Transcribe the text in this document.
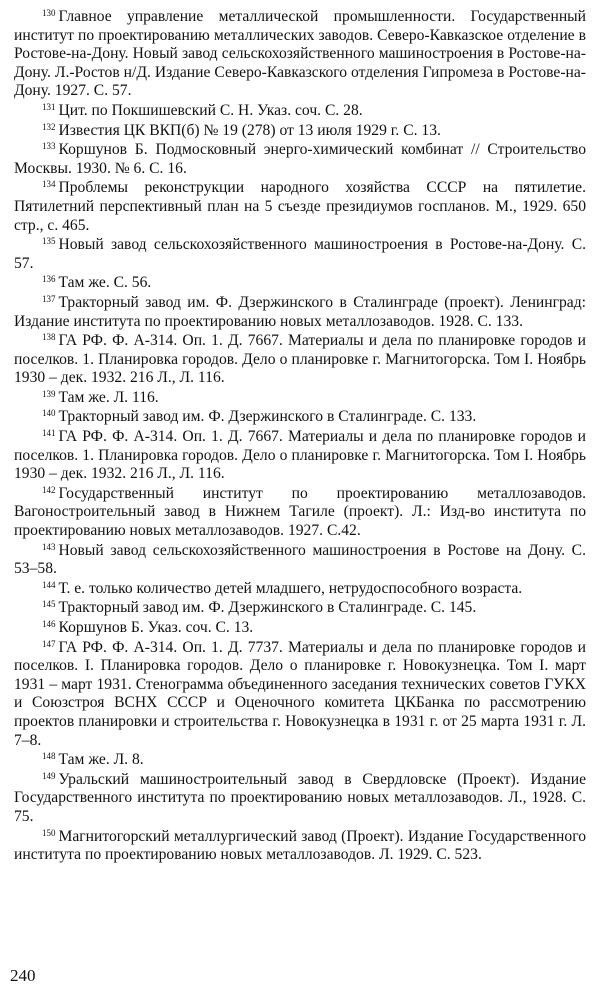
$^{130}$ Главное управление металлической промышленности. Государственный институт по проектированию металлических заводов. Северо-Кавказское отделение в Ростове-на-Дону. Новый завод сельскохозяйственного машиностроения в Ростове-на-Дону. Л.-Ростов н/Д. Издание Северо-Кавказского отделения Гипромеза в Ростове-на-Дону. 1927. С. 57.

$^{131}$ Цит. по Покшишевский С. Н. Указ. соч. С. 28.

$^{132}$ Известия ЦК ВКП(б) № 19 (278) от 13 июля 1929 г. С. 13.

$^{133}$ Коршунов Б. Подмосковный энерго-химический комбинат // Строительство Москвы. 1930. № 6. С. 16.

$^{134}$ Проблемы реконструкции народного хозяйства СССР на пятилетие. Пятилетний перспективный план на 5 съезде президиумов госпланов. М., 1929. 650 стр., с. 465.

$^{135}$ Новый завод сельскохозяйственного машиностроения в Ростове-на-Дону. С. 57.

$^{136}$ Там же. С. 56.

$^{137}$ Тракторный завод им. Ф. Дзержинского в Сталинграде (проект). Ленинград: Издание института по проектированию новых металлозаводов. 1928. С. 133.

$^{138}$ ГА РФ. Ф. А-314. Оп. 1. Д. 7667. Материалы и дела по планировке городов и поселков. 1. Планировка городов. Дело о планировке г. Магнитогорска. Том I. Ноябрь 1930 – дек. 1932. 216 Л., Л. 116.

$^{139}$ Там же. Л. 116.

$^{140}$ Тракторный завод им. Ф. Дзержинского в Сталинграде. С. 133.

$^{141}$ ГА РФ. Ф. А-314. Оп. 1. Д. 7667. Материалы и дела по планировке городов и поселков. 1. Планировка городов. Дело о планировке г. Магнитогорска. Том I. Ноябрь 1930 – дек. 1932. 216 Л., Л. 116.

$^{142}$ Государственный институт по проектированию металлозаводов. Вагоностроительный завод в Нижнем Тагиле (проект). Л.: Изд-во института по проектированию новых металлозаводов. 1927. С.42.

$^{143}$ Новый завод сельскохозяйственного машиностроения в Ростове на Дону. С. 53–58.

$^{144}$ Т. е. только количество детей младшего, нетрудоспособного возраста.

$^{145}$ Тракторный завод им. Ф. Дзержинского в Сталинграде. С. 145.

$^{146}$ Коршунов Б. Указ. соч. С. 13.

$^{147}$ ГА РФ. Ф. А-314. Оп. 1. Д. 7737. Материалы и дела по планировке городов и поселков. I. Планировка городов. Дело о планировке г. Новокузнецка. Том I. март 1931 – март 1931. Стенограмма объединенного заседания технических советов ГУКХ и Союзстроя ВСНХ СССР и Оценочного комитета ЦКБанка по рассмотрению проектов планировки и строительства г. Новокузнецка в 1931 г. от 25 марта 1931 г. Л. 7–8.

$^{148}$ Там же. Л. 8.

$^{149}$ Уральский машиностроительный завод в Свердловске (Проект). Издание Государственного института по проектированию новых металлозаводов. Л., 1928. С. 75.

$^{150}$ Магнитогорский металлургический завод (Проект). Издание Государственного института по проектированию новых металлозаводов. Л. 1929. С. 523.

240
